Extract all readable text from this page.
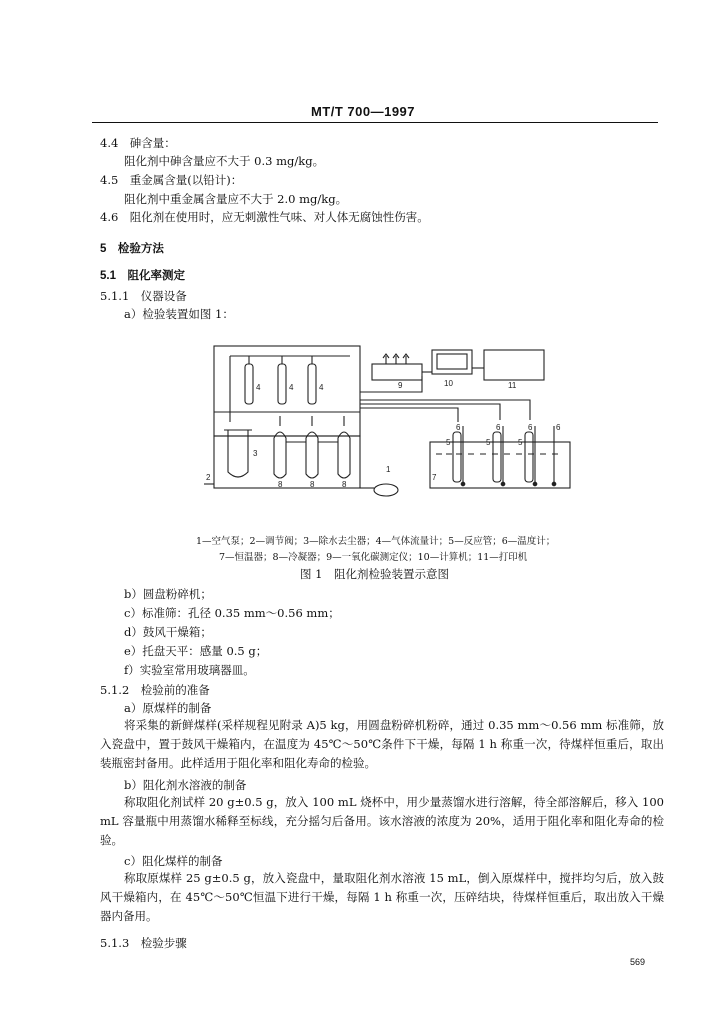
MT/T 700—1997
4.4　砷含量：
阻化剂中砷含量应不大于 0.3 mg/kg。
4.5　重金属含量(以铅计)：
阻化剂中重金属含量应不大于 2.0 mg/kg。
4.6　阻化剂在使用时，应无刺激性气味、对人体无腐蚀性伤害。
5　检验方法
5.1　阻化率测定
5.1.1　仪器设备
a）检验装置如图 1：
1
2
3
4	4	4
5	5	5
6	6	6	6
7
8	8	8
9	10	11
1—空气泵；2—调节阀；3—除水去尘器；4—气体流量计；5—反应管；6—温度计；
7—恒温器；8—冷凝器；9—一氧化碳测定仪；10—计算机；11—打印机
图 1　阻化剂检验装置示意图
b）圆盘粉碎机；
c）标准筛：孔径 0.35 mm～0.56 mm；
d）鼓风干燥箱；
e）托盘天平：感量 0.5 g；
f）实验室常用玻璃器皿。
5.1.2　检验前的准备
a）原煤样的制备
将采集的新鲜煤样(采样规程见附录 A)5 kg，用圆盘粉碎机粉碎，通过 0.35 mm～0.56 mm 标准筛，放入瓷盘中，置于鼓风干燥箱内，在温度为 45℃～50℃条件下干燥，每隔 1 h 称重一次，待煤样恒重后，取出装瓶密封备用。此样适用于阻化率和阻化寿命的检验。
b）阻化剂水溶液的制备
称取阻化剂试样 20 g±0.5 g，放入 100 mL 烧杯中，用少量蒸馏水进行溶解，待全部溶解后，移入 100 mL 容量瓶中用蒸馏水稀释至标线，充分摇匀后备用。该水溶液的浓度为 20%，适用于阻化率和阻化寿命的检验。
c）阻化煤样的制备
称取原煤样 25 g±0.5 g，放入瓷盘中，量取阻化剂水溶液 15 mL，倒入原煤样中，搅拌均匀后，放入鼓风干燥箱内，在 45℃～50℃恒温下进行干燥，每隔 1 h 称重一次，压碎结块，待煤样恒重后，取出放入干燥器内备用。
5.1.3　检验步骤
569
